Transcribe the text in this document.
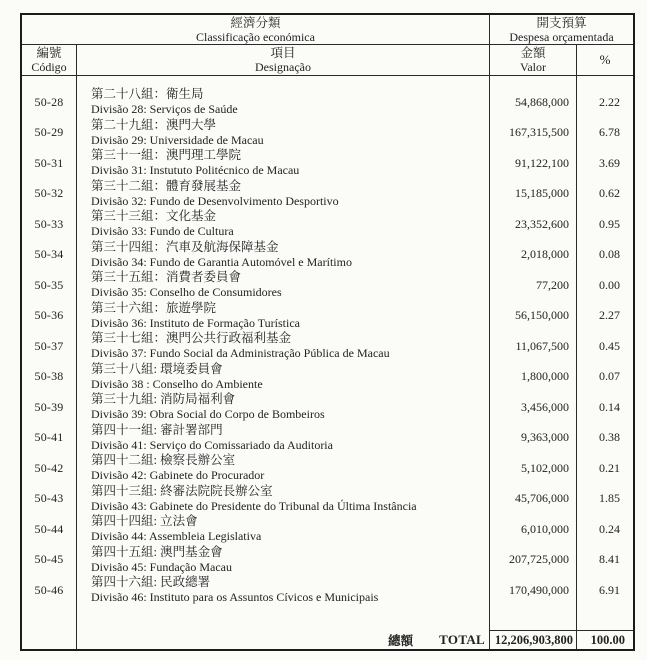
經濟分類
Classificação económica
開支預算
Despesa orçamentada
編號
Código
項目
Designação
金額
Valor	%
50-28
第二十八組：衛生局
Divisão 28: Serviços de Saúde
54,868,000	2.22
50-29
第二十九組：澳門大學
Divisão 29: Universidade de Macau
167,315,500	6.78
50-31
第三十一組：澳門理工學院
Divisão 31: Instututo Politécnico de Macau
91,122,100	3.69
50-32
第三十二組：體育發展基金
Divisão 32: Fundo de Desenvolvimento Desportivo
15,185,000	0.62
50-33
第三十三組：文化基金
Divisão 33: Fundo de Cultura
23,352,600	0.95
50-34
第三十四組：汽車及航海保障基金
Divisão 34: Fundo de Garantia Automóvel e Marítimo
2,018,000	0.08
50-35
第三十五組：消費者委員會
Divisão 35: Conselho de Consumidores
77,200	0.00
50-36
第三十六組：旅遊學院
Divisão 36: Instituto de Formação Turística
56,150,000	2.27
50-37
第三十七組：澳門公共行政福利基金
Divisão 37: Fundo Social da Administração Pública de Macau
11,067,500	0.45
50-38
第三十八組: 環境委員會
Divisão 38 : Conselho do Ambiente
1,800,000	0.07
50-39
第三十九組: 消防局福利會
Divisão 39: Obra Social do Corpo de Bombeiros
3,456,000	0.14
50-41
第四十一組: 審計署部門
Divisão 41: Serviço do Comissariado da Auditoria
9,363,000	0.38
50-42
第四十二組: 檢察長辦公室
Divisão 42: Gabinete do Procurador
5,102,000	0.21
50-43
第四十三組: 終審法院院長辦公室
Divisão 43: Gabinete do Presidente do Tribunal da Última Instância
45,706,000	1.85
50-44
第四十四組: 立法會
Divisão 44: Assembleia Legislativa
6,010,000	0.24
50-45
第四十五組: 澳門基金會
Divisão 45: Fundação Macau
207,725,000	8.41
50-46
第四十六組: 民政總署
Divisão 46: Instituto para os Assuntos Cívicos e Municipais
170,490,000	6.91
總額 TOTAL 12,206,903,800	100.00
